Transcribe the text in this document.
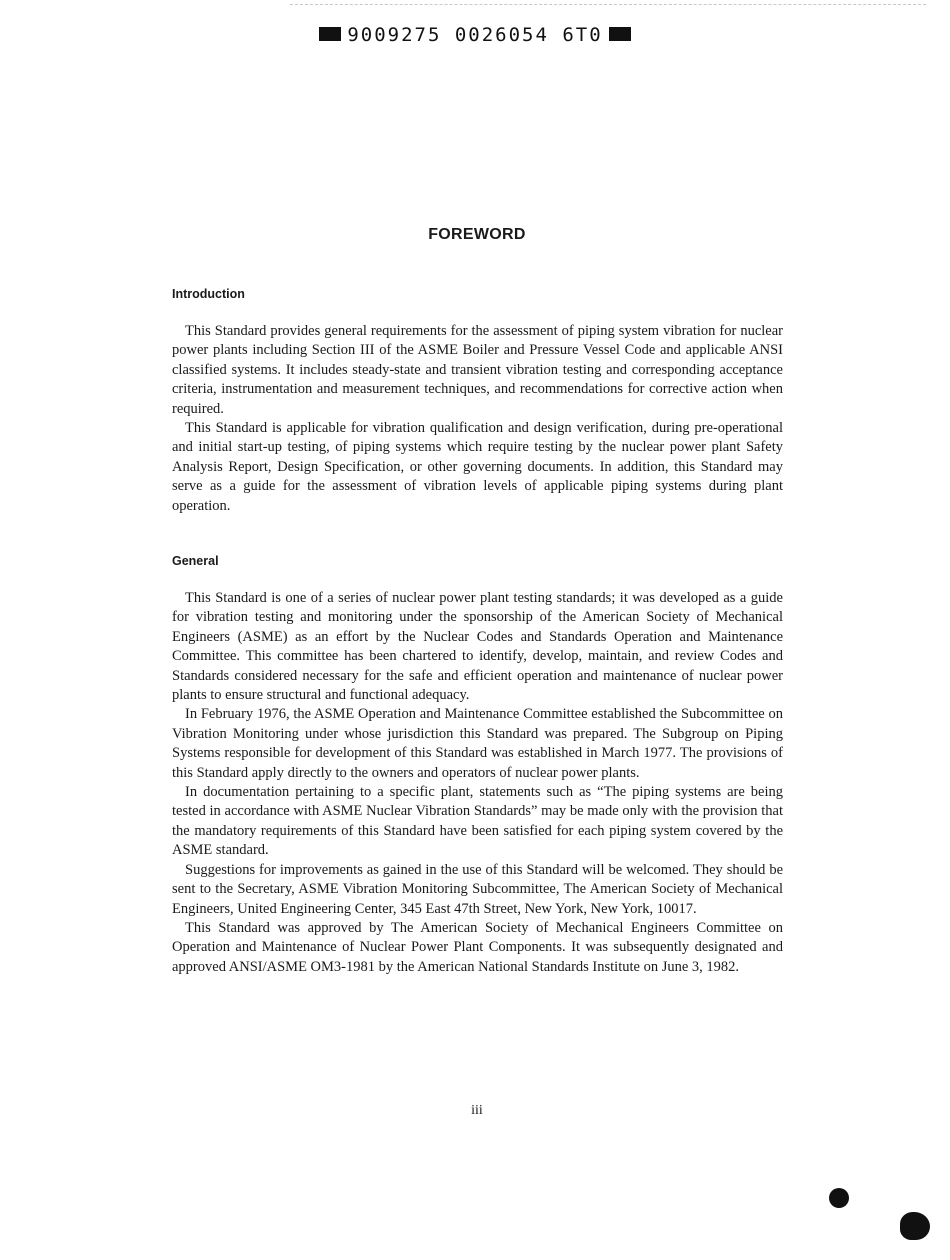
9009275 0026054 6T0
FOREWORD
Introduction

This Standard provides general requirements for the assessment of piping system vibration for nuclear power plants including Section III of the ASME Boiler and Pressure Vessel Code and applicable ANSI classified systems. It includes steady-state and transient vibration testing and corresponding acceptance criteria, instrumentation and measurement techniques, and recommendations for corrective action when required.

This Standard is applicable for vibration qualification and design verification, during pre-operational and initial start-up testing, of piping systems which require testing by the nuclear power plant Safety Analysis Report, Design Specification, or other governing documents. In addition, this Standard may serve as a guide for the assessment of vibration levels of applicable piping systems during plant operation.

General

This Standard is one of a series of nuclear power plant testing standards; it was developed as a guide for vibration testing and monitoring under the sponsorship of the American Society of Mechanical Engineers (ASME) as an effort by the Nuclear Codes and Standards Operation and Maintenance Committee. This committee has been chartered to identify, develop, maintain, and review Codes and Standards considered necessary for the safe and efficient operation and maintenance of nuclear power plants to ensure structural and functional adequacy.

In February 1976, the ASME Operation and Maintenance Committee established the Subcommittee on Vibration Monitoring under whose jurisdiction this Standard was prepared. The Subgroup on Piping Systems responsible for development of this Standard was established in March 1977. The provisions of this Standard apply directly to the owners and operators of nuclear power plants.

In documentation pertaining to a specific plant, statements such as “The piping systems are being tested in accordance with ASME Nuclear Vibration Standards” may be made only with the provision that the mandatory requirements of this Standard have been satisfied for each piping system covered by the ASME standard.

Suggestions for improvements as gained in the use of this Standard will be welcomed. They should be sent to the Secretary, ASME Vibration Monitoring Subcommittee, The American Society of Mechanical Engineers, United Engineering Center, 345 East 47th Street, New York, New York, 10017.

This Standard was approved by The American Society of Mechanical Engineers Committee on Operation and Maintenance of Nuclear Power Plant Components. It was subsequently designated and approved ANSI/ASME OM3-1981 by the American National Standards Institute on June 3, 1982.

iii
